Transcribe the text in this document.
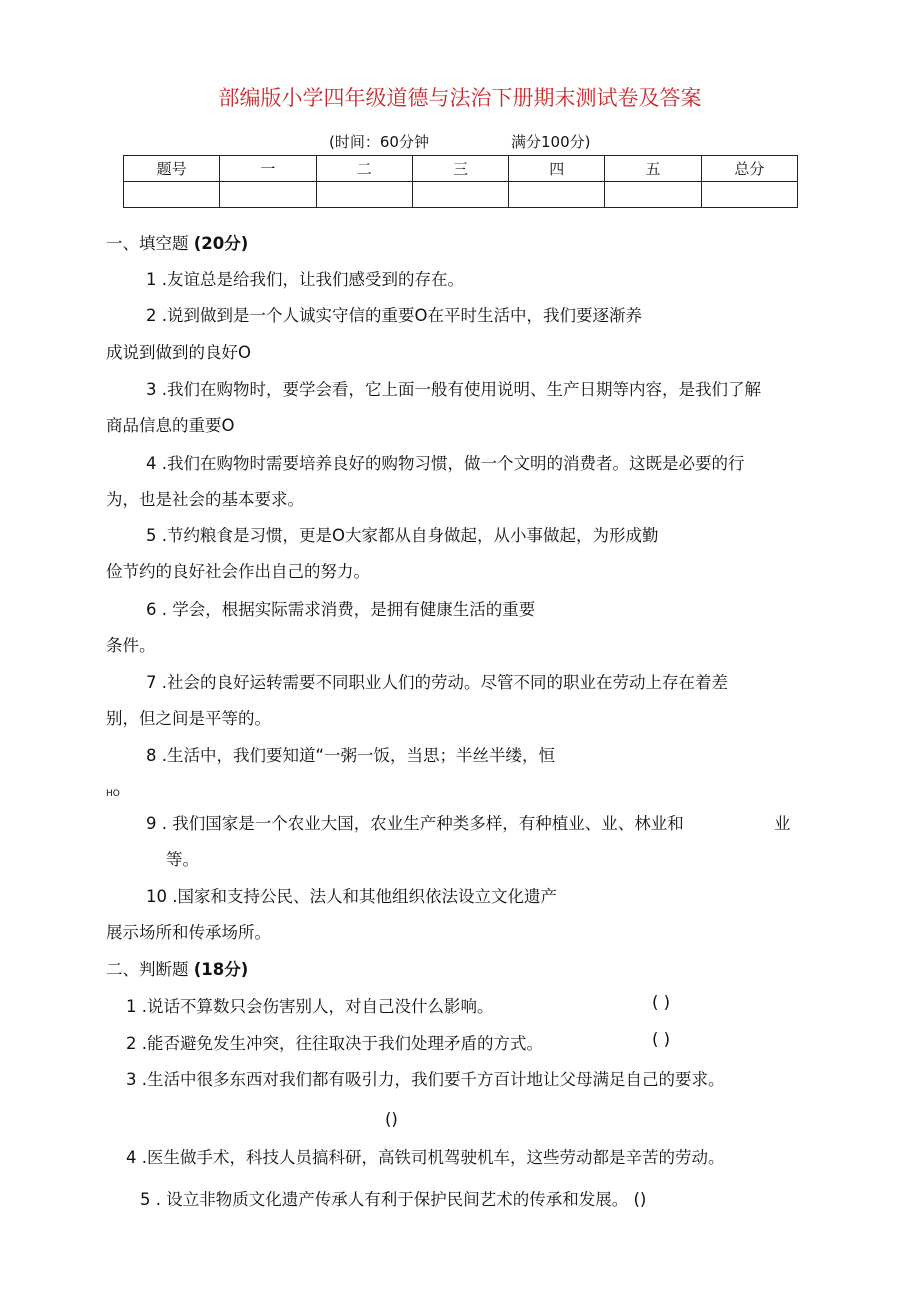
部编版小学四年级道德与法治下册期末测试卷及答案
(时间：60分钟	满分100分)
题号	一	二	三	四	五	总分

一、填空题 (20分)
1 .友谊总是给我们，让我们感受到的存在。
2 .说到做到是一个人诚实守信的重要O在平时生活中，我们要逐渐养
成说到做到的良好O
3 .我们在购物时，要学会看，它上面一般有使用说明、生产日期等内容，是我们了解
商品信息的重要O
4 .我们在购物时需要培养良好的购物习惯，做一个文明的消费者。这既是必要的行
为，也是社会的基本要求。
5 .节约粮食是习惯，更是O大家都从自身做起，从小事做起，为形成勤
俭节约的良好社会作出自己的努力。
6 . 学会，根据实际需求消费，是拥有健康生活的重要
条件。
7 .社会的良好运转需要不同职业人们的劳动。尽管不同的职业在劳动上存在着差
别，但之间是平等的。
8 .生活中，我们要知道“一粥一饭，当思；半丝半缕，恒
HO
9 . 我们国家是一个农业大国，农业生产种类多样，有种植业、业、林业和	业
等。
10 .国家和支持公民、法人和其他组织依法设立文化遗产
展示场所和传承场所。
二、判断题 (18分)
1 .说话不算数只会伤害别人，对自己没什么影响。	( )
2 .能否避免发生冲突，往往取决于我们处理矛盾的方式。	( )
3 .生活中很多东西对我们都有吸引力，我们要千方百计地让父母满足自己的要求。
()
4 .医生做手术，科技人员搞科研，高铁司机驾驶机车，这些劳动都是辛苦的劳动。
5 . 设立非物质文化遗产传承人有利于保护民间艺术的传承和发展。 ()
